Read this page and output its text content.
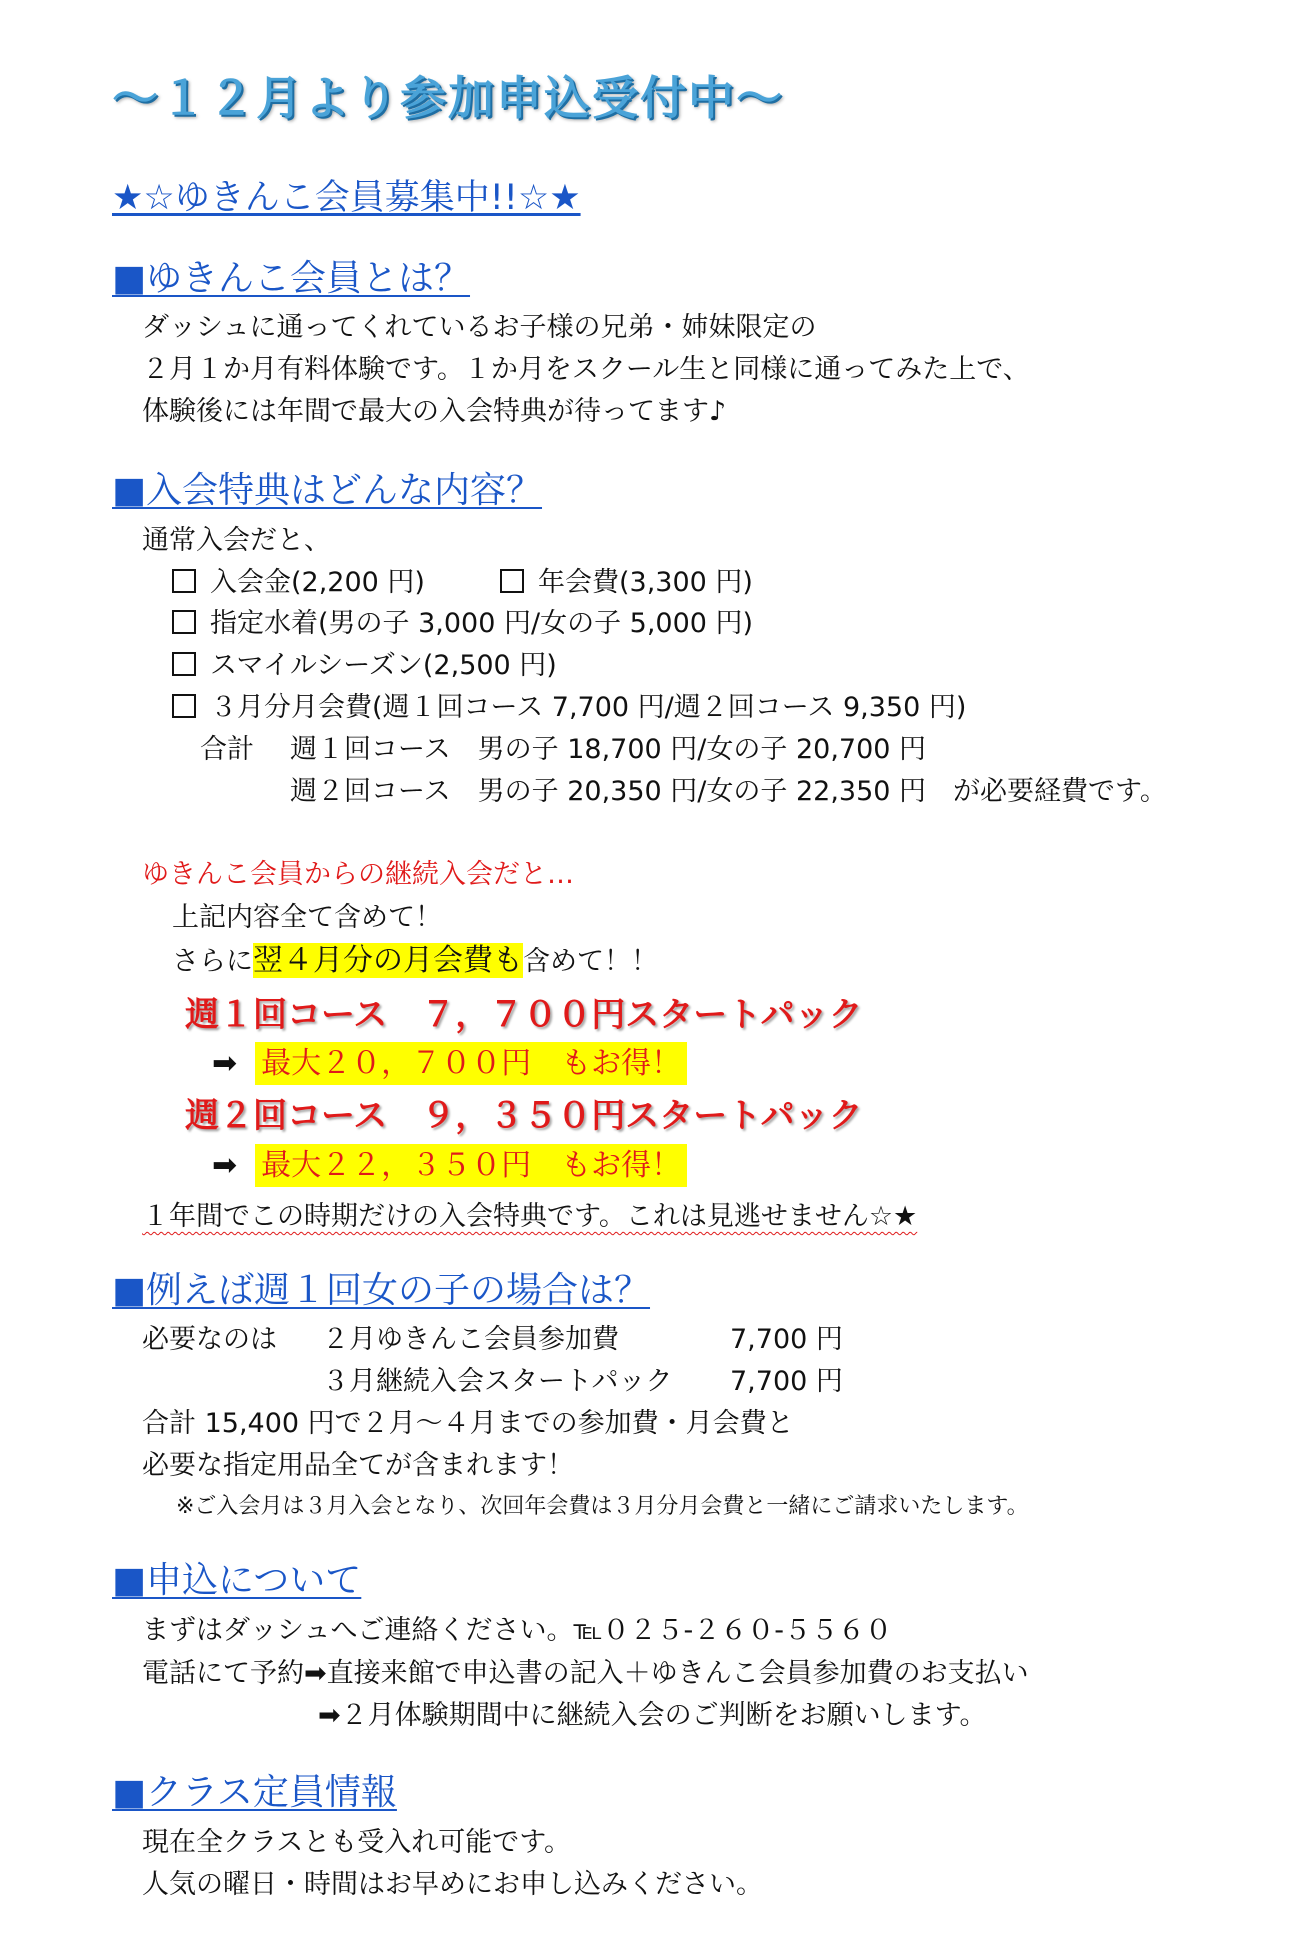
～１２月より参加申込受付中～
★☆ゆきんこ会員募集中!!☆★
■ゆきんこ会員とは？
ダッシュに通ってくれているお子様の兄弟・姉妹限定の
２月１か月有料体験です。１か月をスクール生と同様に通ってみた上で、
体験後には年間で最大の入会特典が待ってます♪
■入会特典はどんな内容？
通常入会だと、
入会金(2,200 円)	年会費(3,300 円)
指定水着(男の子 3,000 円/女の子 5,000 円)
スマイルシーズン(2,500 円)
３月分月会費(週１回コース 7,700 円/週２回コース 9,350 円)
合計 週１回コース　男の子 18,700 円/女の子 20,700 円
週２回コース　男の子 20,350 円/女の子 22,350 円　が必要経費です。
ゆきんこ会員からの継続入会だと…
上記内容全て含めて！
さらに翌４月分の月会費も含めて！！
週１回コース　７，７００円スタートパック
➡ 最大２０，７００円　もお得！
週２回コース　９，３５０円スタートパック
➡ 最大２２，３５０円　もお得！
１年間でこの時期だけの入会特典です。これは見逃せません☆★
■例えば週１回女の子の場合は？
必要なのは ２月ゆきんこ会員参加費	7,700 円
３月継続入会スタートパック 7,700 円
合計 15,400 円で２月～４月までの参加費・月会費と
必要な指定用品全てが含まれます！
※ご入会月は３月入会となり、次回年会費は３月分月会費と一緒にご請求いたします。
■申込について
まずはダッシュへご連絡ください。℡０２５-２６０-５５６０
電話にて予約➡直接来館で申込書の記入＋ゆきんこ会員参加費のお支払い
➡２月体験期間中に継続入会のご判断をお願いします。
■クラス定員情報
現在全クラスとも受入れ可能です。
人気の曜日・時間はお早めにお申し込みください。
